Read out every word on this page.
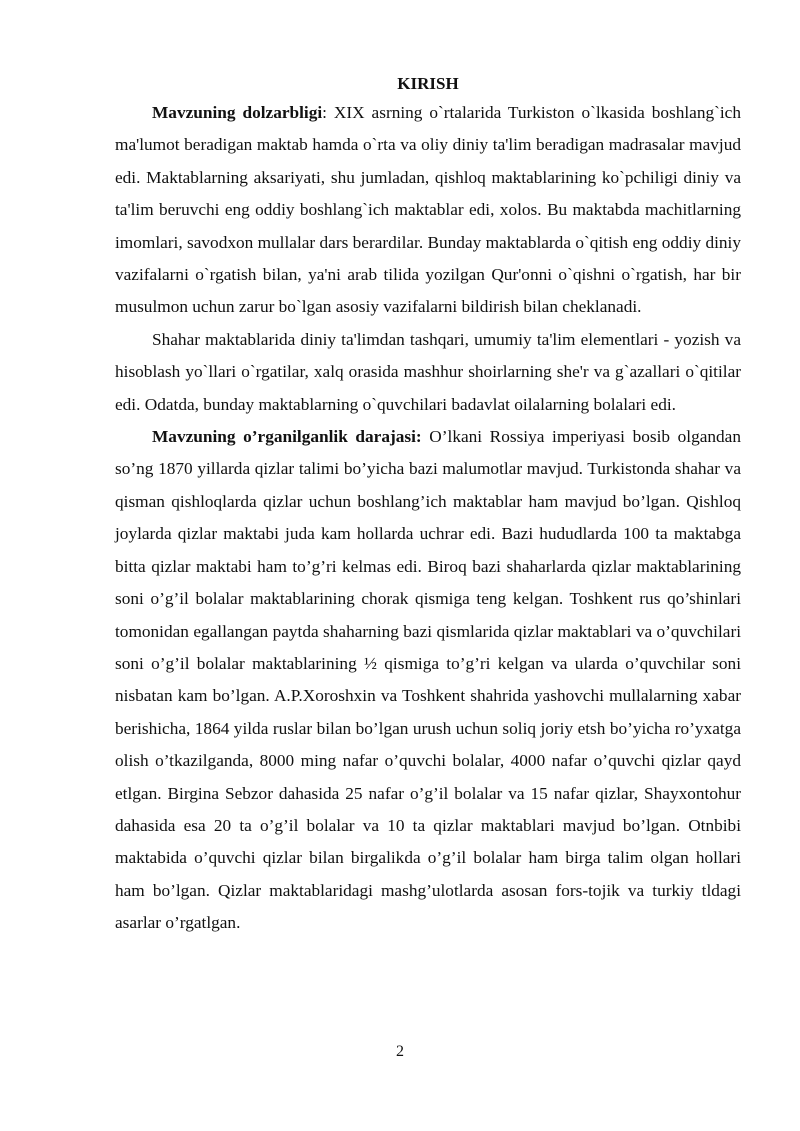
KIRISH

Mavzuning dolzarbligi: XIX asrning o`rtalarida Turkiston o`lkasida boshlang`ich ma'lumot beradigan maktab hamda o`rta va oliy diniy ta'lim beradigan madrasalar mavjud edi. Maktablarning aksariyati, shu jumladan, qishloq maktablarining ko`pchiligi diniy va ta'lim beruvchi eng oddiy boshlang`ich maktablar edi, xolos. Bu maktabda machitlarning imomlari, savodxon mullalar dars berardilar. Bunday maktablarda o`qitish eng oddiy diniy vazifalarni o`rgatish bilan, ya'ni arab tilida yozilgan Qur'onni o`qishni o`rgatish, har bir musulmon uchun zarur bo`lgan asosiy vazifalarni bildirish bilan cheklanadi.

Shahar maktablarida diniy ta'limdan tashqari, umumiy ta'lim elementlari - yozish va hisoblash yo`llari o`rgatilar, xalq orasida mashhur shoirlarning she'r va g`azallari o`qitilar edi. Odatda, bunday maktablarning o`quvchilari badavlat oilalarning bolalari edi.

Mavzuning o’rganilganlik darajasi: O’lkani Rossiya imperiyasi bosib olgandan so’ng 1870 yillarda qizlar talimi bo’yicha bazi malumotlar mavjud. Turkistonda shahar va qisman qishloqlarda qizlar uchun boshlang’ich maktablar ham mavjud bo’lgan. Qishloq joylarda qizlar maktabi juda kam hollarda uchrar edi. Bazi hududlarda 100 ta maktabga bitta qizlar maktabi ham to’g’ri kelmas edi. Biroq bazi shaharlarda qizlar maktablarining soni o’g’il bolalar maktablarining chorak qismiga teng kelgan. Toshkent rus qo’shinlari tomonidan egallangan paytda shaharning bazi qismlarida qizlar maktablari va o’quvchilari soni o’g’il bolalar maktablarining ½ qismiga to’g’ri kelgan va ularda o’quvchilar soni nisbatan kam bo’lgan. A.P.Xoroshxin va Toshkent shahrida yashovchi mullalarning xabar berishicha, 1864 yilda ruslar bilan bo’lgan urush uchun soliq joriy etsh bo’yicha ro’yxatga olish o’tkazilganda, 8000 ming nafar o’quvchi bolalar, 4000 nafar o’quvchi qizlar qayd etlgan. Birgina Sebzor dahasida 25 nafar o’g’il bolalar va 15 nafar qizlar, Shayxontohur dahasida esa 20 ta o’g’il bolalar va 10 ta qizlar maktablari mavjud bo’lgan. Otnbibi maktabida o’quvchi qizlar bilan birgalikda o’g’il bolalar ham birga talim olgan hollari ham bo’lgan. Qizlar maktablaridagi mashg’ulotlarda asosan fors-tojik va turkiy tldagi asarlar o’rgatlgan.

2
